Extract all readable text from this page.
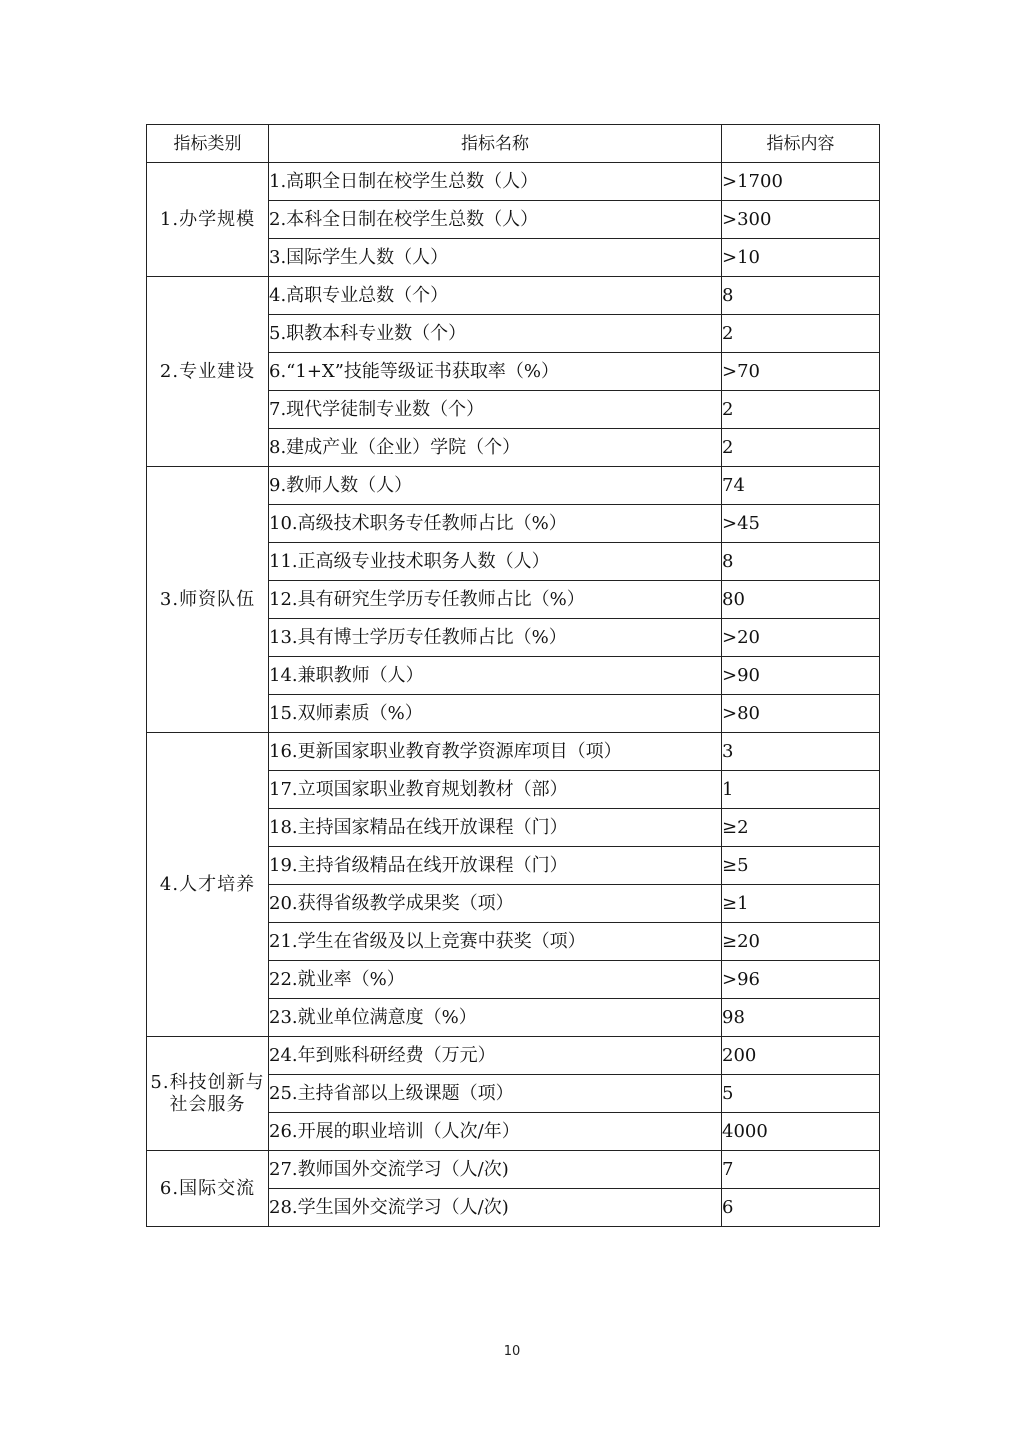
指标类别	指标名称	指标内容
1.办学规模	1.高职全日制在校学生总数（人）	>1700
	2.本科全日制在校学生总数（人）	>300
	3.国际学生人数（人）	>10
2.专业建设	4.高职专业总数（个）	8
	5.职教本科专业数（个）	2
	6.“1+X”技能等级证书获取率（%）	>70
	7.现代学徒制专业数（个）	2
	8.建成产业（企业）学院（个）	2
3.师资队伍	9.教师人数（人）	74
	10.高级技术职务专任教师占比（%）	>45
	11.正高级专业技术职务人数（人）	8
	12.具有研究生学历专任教师占比（%）	80
	13.具有博士学历专任教师占比（%）	>20
	14.兼职教师（人）	>90
	15.双师素质（%）	>80
4.人才培养	16.更新国家职业教育教学资源库项目（项）	3
	17.立项国家职业教育规划教材（部）	1
	18.主持国家精品在线开放课程（门）	≥2
	19.主持省级精品在线开放课程（门）	≥5
	20.获得省级教学成果奖（项）	≥1
	21.学生在省级及以上竞赛中获奖（项）	≥20
	22.就业率（%）	>96
	23.就业单位满意度（%）	98
5.科技创新与社会服务	24.年到账科研经费（万元）	200
	25.主持省部以上级课题（项）	5
	26.开展的职业培训（人次/年）	4000
6.国际交流	27.教师国外交流学习（人/次)	7
	28.学生国外交流学习（人/次)	6
10
